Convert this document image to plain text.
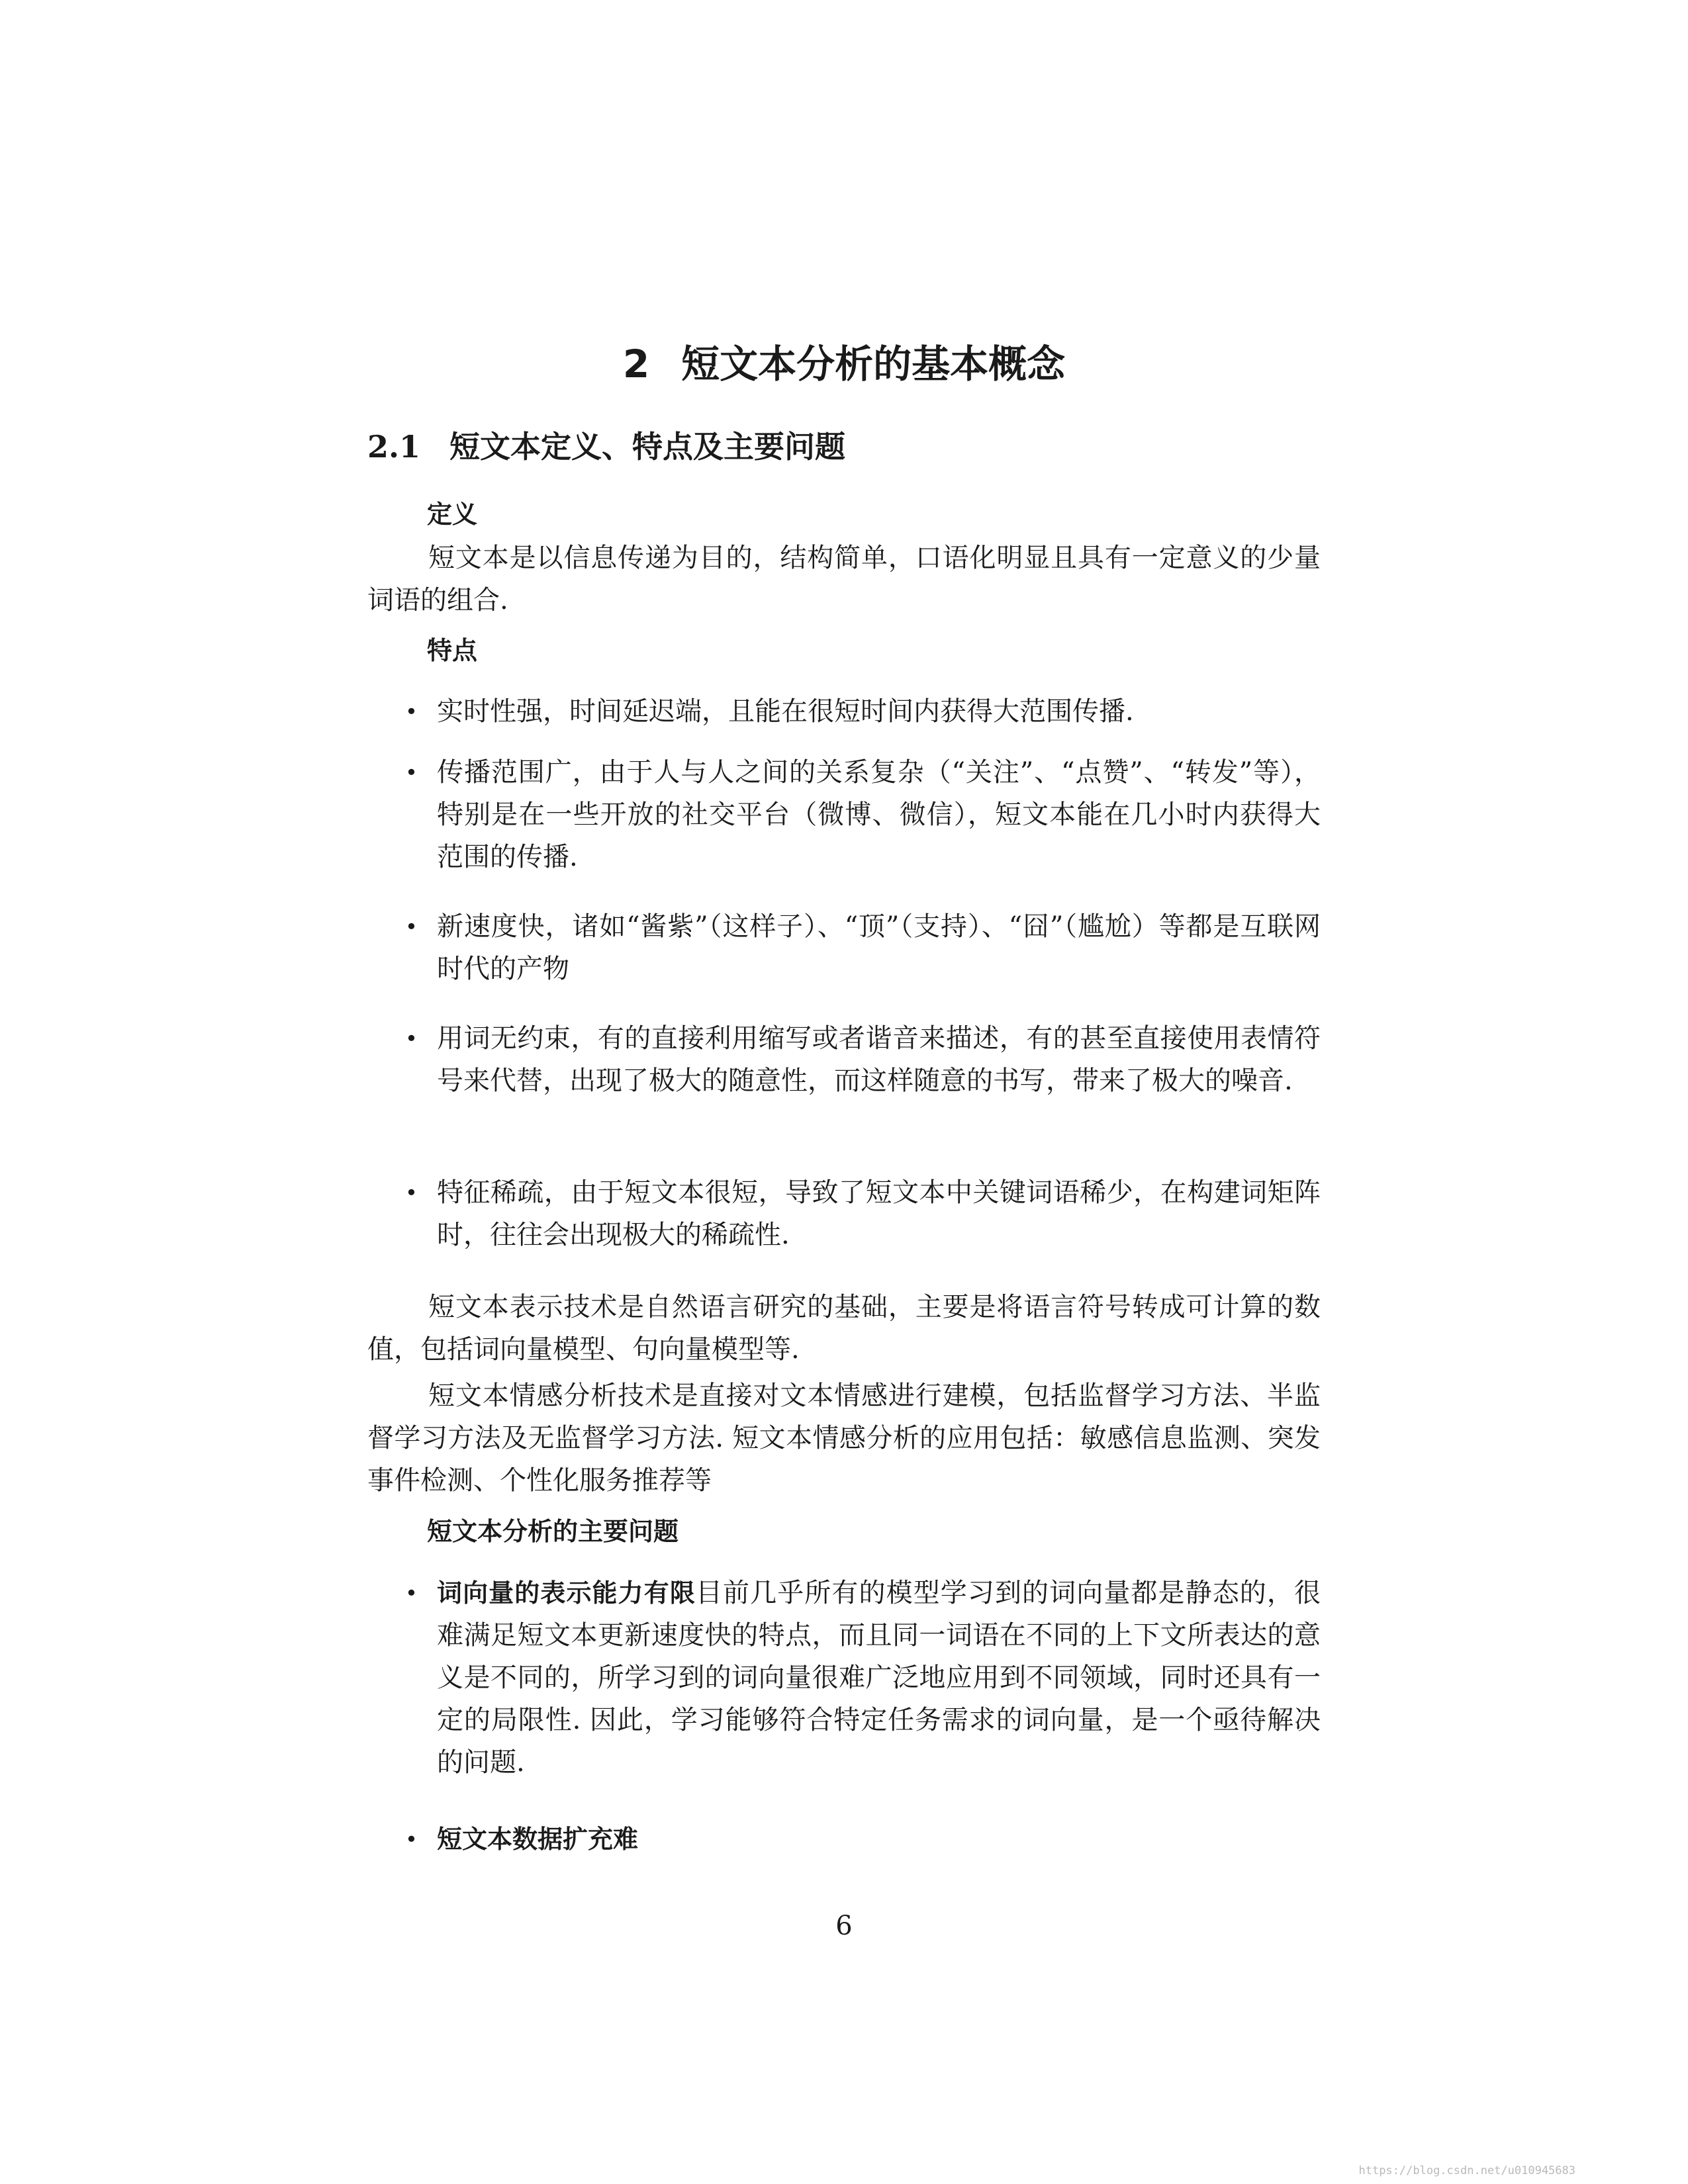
2 短文本分析的基本概念
2.1 短文本定义、特点及主要问题

定义

短文本是以信息传递为目的，结构简单，口语化明显且具有一定意义的少量词语的组合.

特点

• 实时性强，时间延迟端，且能在很短时间内获得大范围传播.

• 传播范围广，由于人与人之间的关系复杂（“关注”、“点赞”、“转发”等），特别是在一些开放的社交平台（微博、微信），短文本能在几小时内获得大范围的传播.

• 新速度快，诸如“酱紫”（这样子）、“顶”（支持）、“囧”（尴尬）等都是互联网时代的产物

• 用词无约束，有的直接利用缩写或者谐音来描述，有的甚至直接使用表情符号来代替，出现了极大的随意性，而这样随意的书写，带来了极大的噪音.

• 特征稀疏，由于短文本很短，导致了短文本中关键词语稀少，在构建词矩阵时，往往会出现极大的稀疏性.

短文本表示技术是自然语言研究的基础，主要是将语言符号转成可计算的数值，包括词向量模型、句向量模型等.

短文本情感分析技术是直接对文本情感进行建模，包括监督学习方法、半监督学习方法及无监督学习方法. 短文本情感分析的应用包括：敏感信息监测、突发事件检测、个性化服务推荐等

短文本分析的主要问题

• 词向量的表示能力有限目前几乎所有的模型学习到的词向量都是静态的，很难满足短文本更新速度快的特点，而且同一词语在不同的上下文所表达的意义是不同的，所学习到的词向量很难广泛地应用到不同领域，同时还具有一定的局限性. 因此，学习能够符合特定任务需求的词向量，是一个亟待解决的问题.

• 短文本数据扩充难

6

https://blog.csdn.net/u010945683
